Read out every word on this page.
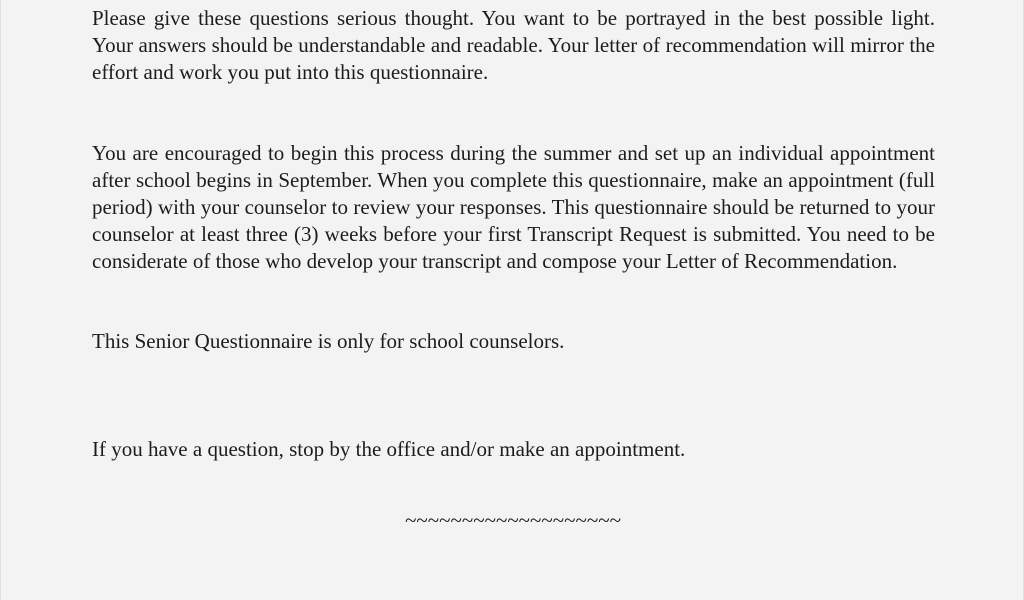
Please give these questions serious thought. You want to be portrayed in the best possible light. Your answers should be understandable and readable. Your letter of recommendation will mirror the effort and work you put into this questionnaire.

You are encouraged to begin this process during the summer and set up an individual appointment after school begins in September. When you complete this questionnaire, make an appointment (full period) with your counselor to review your responses. This questionnaire should be returned to your counselor at least three (3) weeks before your first Transcript Request is submitted. You need to be considerate of those who develop your transcript and compose your Letter of Recommendation.

This Senior Questionnaire is only for school counselors.

If you have a question, stop by the office and/or make an appointment.

~~~~~~~~~~~~~~~~~~~
